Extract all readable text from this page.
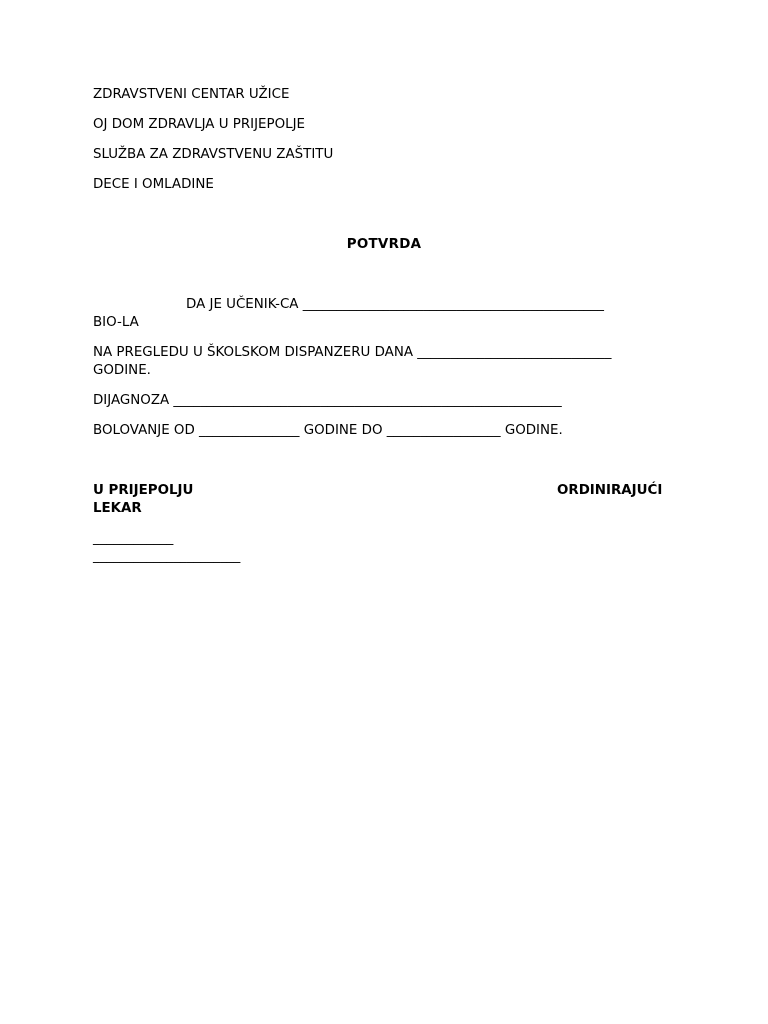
ZDRAVSTVENI CENTAR UŽICE
OJ DOM ZDRAVLJA U PRIJEPOLJE
SLUŽBA ZA ZDRAVSTVENU ZAŠTITU
DECE I OMLADINE
POTVRDA
DA JE UČENIK-CA _____________________________________________
BIO-LA
NA PREGLEDU U ŠKOLSKOM DISPANZERU DANA _____________________________
GODINE.
DIJAGNOZA __________________________________________________________
BOLOVANJE OD _______________ GODINE DO _________________ GODINE.
U PRIJEPOLJU	ORDINIRAJUĆI
LEKAR
____________
______________________
